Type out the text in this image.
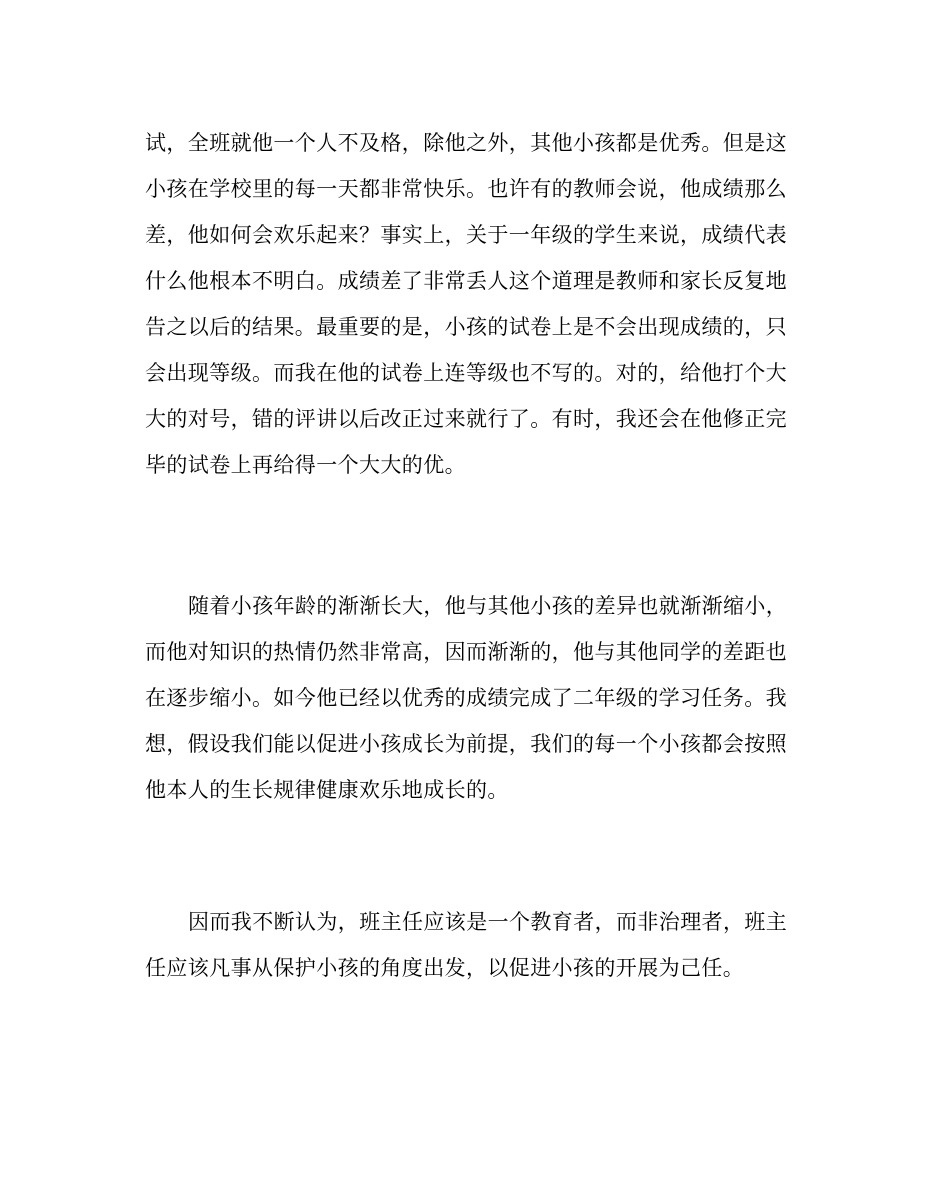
试，全班就他一个人不及格，除他之外，其他小孩都是优秀。但是这
小孩在学校里的每一天都非常快乐。也许有的教师会说，他成绩那么
差，他如何会欢乐起来？事实上，关于一年级的学生来说，成绩代表
什么他根本不明白。成绩差了非常丢人这个道理是教师和家长反复地
告之以后的结果。最重要的是，小孩的试卷上是不会出现成绩的，只
会出现等级。而我在他的试卷上连等级也不写的。对的，给他打个大
大的对号，错的评讲以后改正过来就行了。有时，我还会在他修正完
毕的试卷上再给得一个大大的优。
随着小孩年龄的渐渐长大，他与其他小孩的差异也就渐渐缩小，
而他对知识的热情仍然非常高，因而渐渐的，他与其他同学的差距也
在逐步缩小。如今他已经以优秀的成绩完成了二年级的学习任务。我
想，假设我们能以促进小孩成长为前提，我们的每一个小孩都会按照
他本人的生长规律健康欢乐地成长的。
因而我不断认为，班主任应该是一个教育者，而非治理者，班主
任应该凡事从保护小孩的角度出发，以促进小孩的开展为己任。
